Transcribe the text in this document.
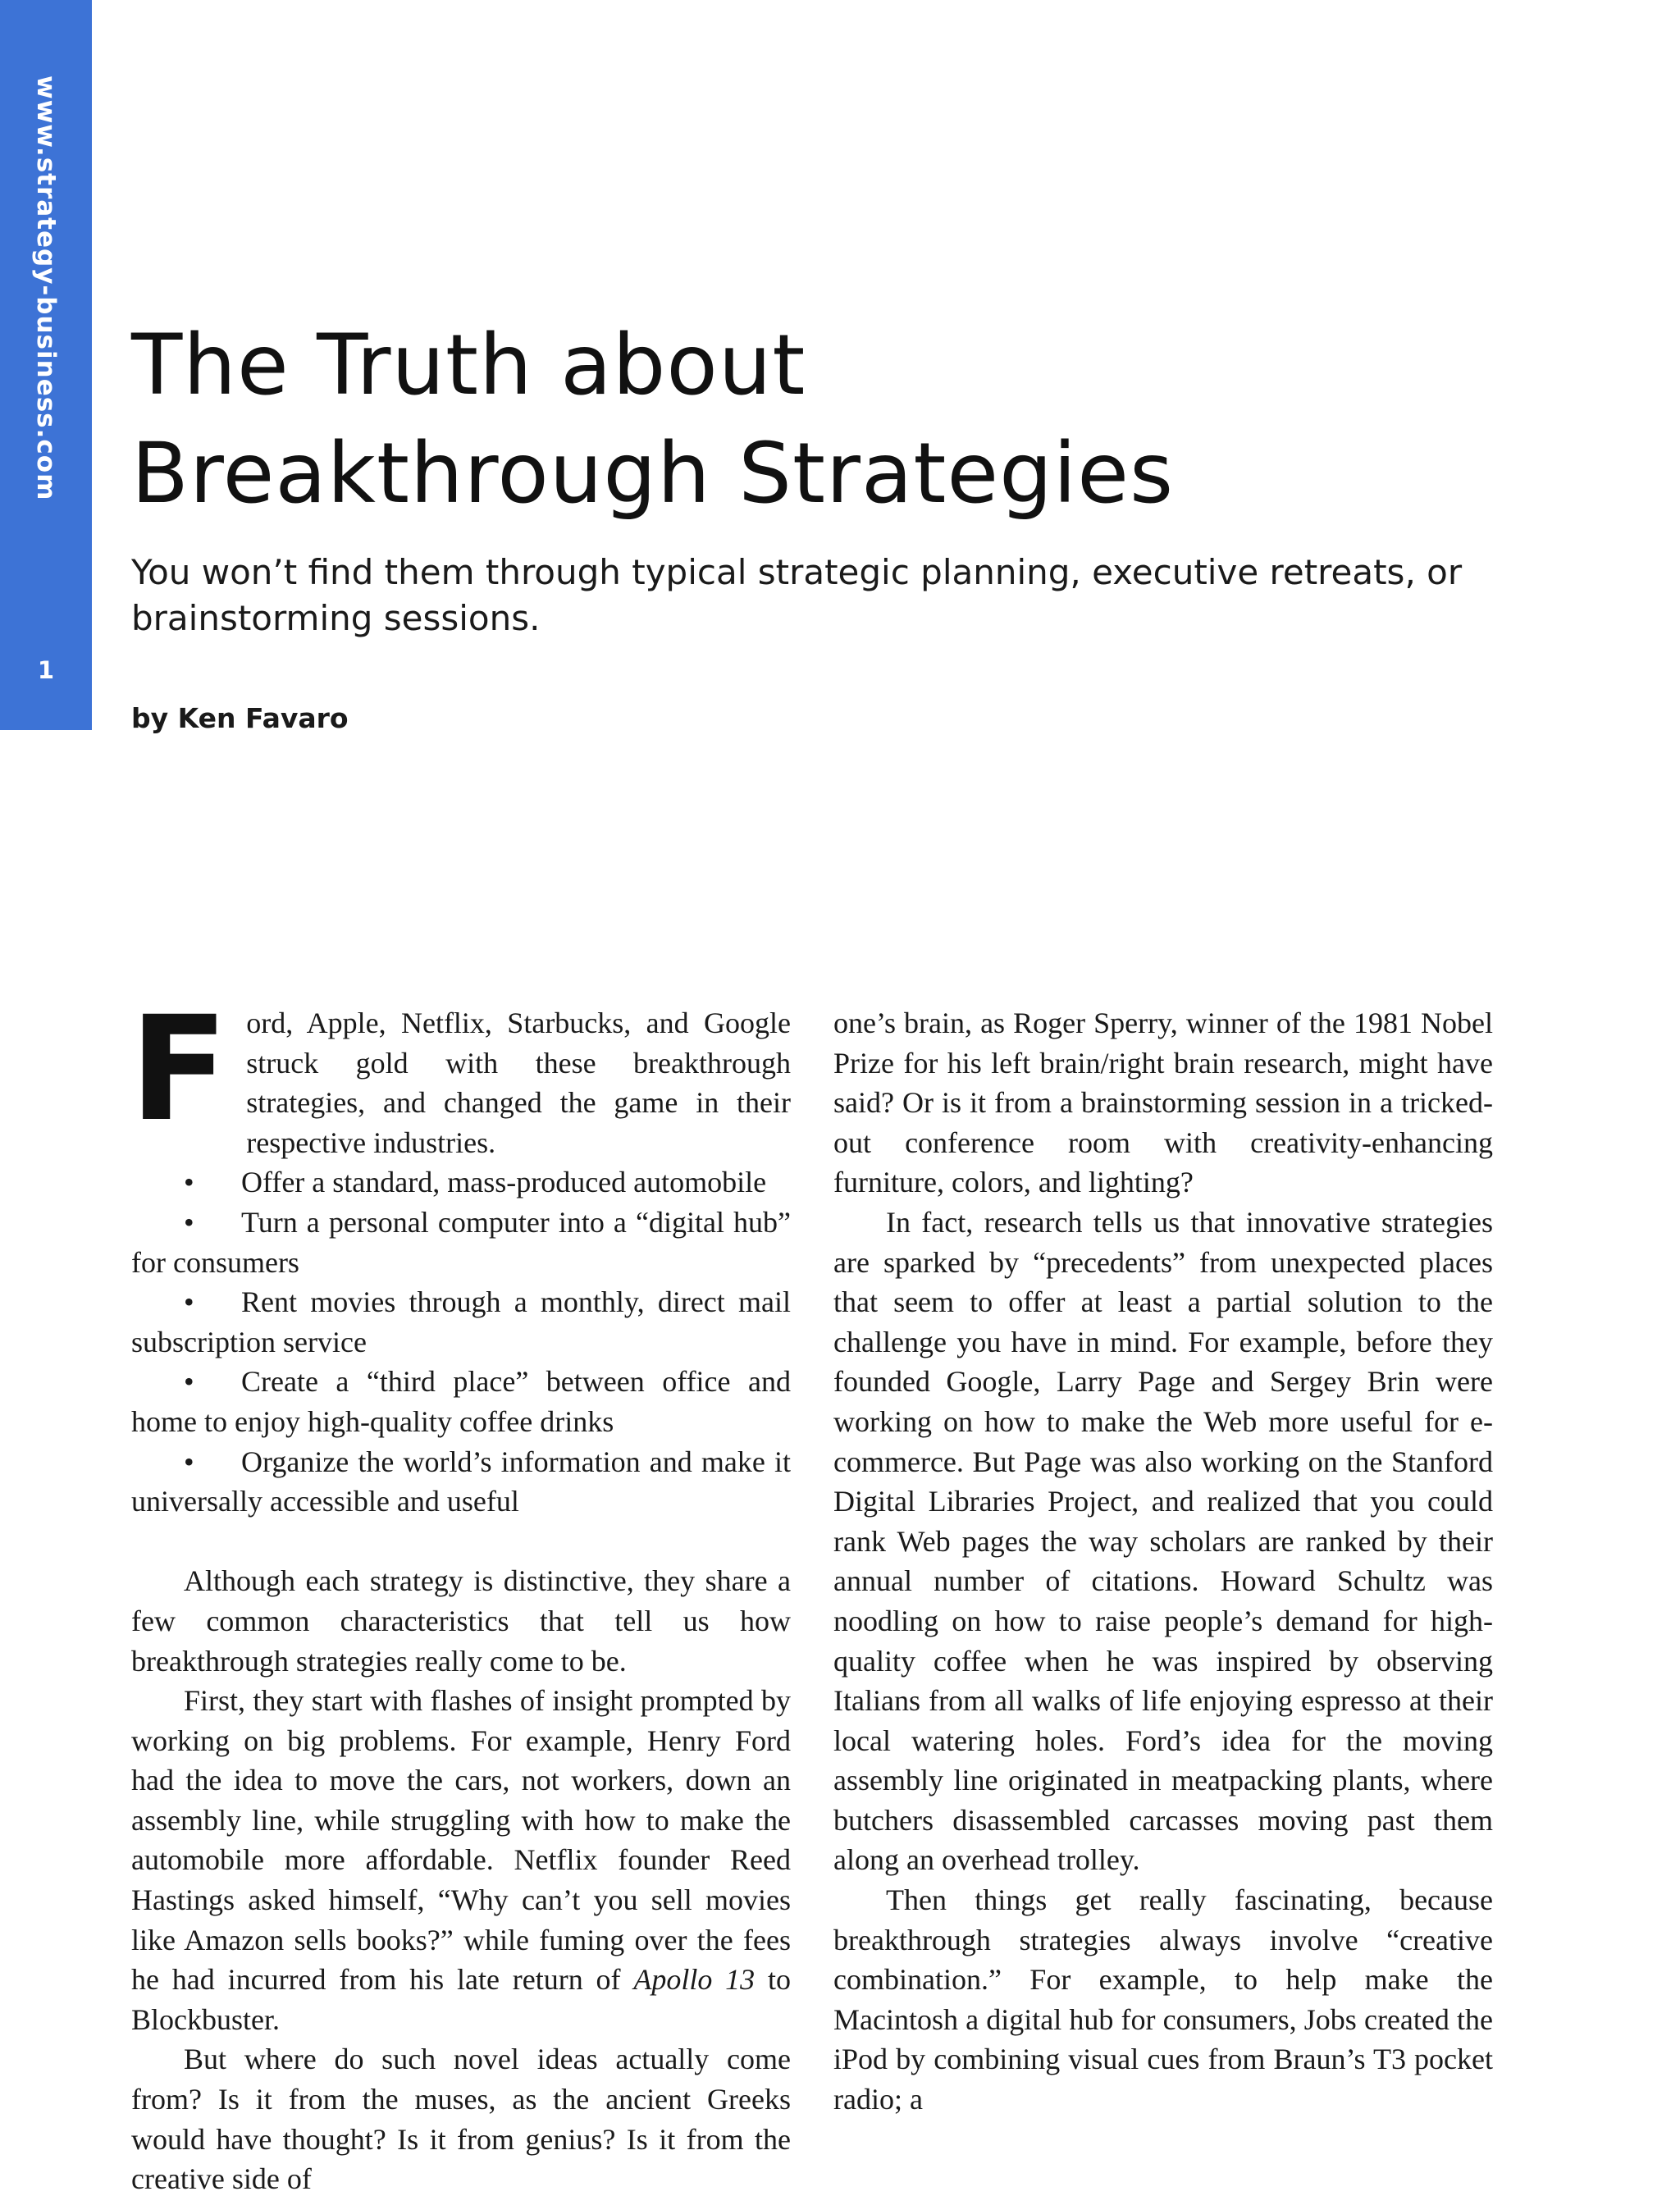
www.strategy-business.com
1
The Truth about
Breakthrough Strategies

You won’t find them through typical strategic planning, executive retreats, or brainstorming sessions.

by Ken Favaro

Ford, Apple, Netflix, Starbucks, and Google struck gold with these breakthrough strategies, and changed the game in their respective industries.

• Offer a standard, mass-produced automobile

• Turn a personal computer into a “digital hub” for consumers

• Rent movies through a monthly, direct mail subscription service

• Create a “third place” between office and home to enjoy high-quality coffee drinks

• Organize the world’s information and make it universally accessible and useful

Although each strategy is distinctive, they share a few common characteristics that tell us how breakthrough strategies really come to be.

First, they start with flashes of insight prompted by working on big problems. For example, Henry Ford had the idea to move the cars, not workers, down an assembly line, while struggling with how to make the automobile more affordable. Netflix founder Reed Hastings asked himself, “Why can’t you sell movies like Amazon sells books?” while fuming over the fees he had incurred from his late return of Apollo 13 to Blockbuster.

But where do such novel ideas actually come from? Is it from the muses, as the ancient Greeks would have thought? Is it from genius? Is it from the creative side of

one’s brain, as Roger Sperry, winner of the 1981 Nobel Prize for his left brain/right brain research, might have said? Or is it from a brainstorming session in a tricked-out conference room with creativity-enhancing furniture, colors, and lighting?

In fact, research tells us that innovative strategies are sparked by “precedents” from unexpected places that seem to offer at least a partial solution to the challenge you have in mind. For example, before they founded Google, Larry Page and Sergey Brin were working on how to make the Web more useful for e-commerce. But Page was also working on the Stanford Digital Libraries Project, and realized that you could rank Web pages the way scholars are ranked by their annual number of citations. Howard Schultz was noodling on how to raise people’s demand for high-quality coffee when he was inspired by observing Italians from all walks of life enjoying espresso at their local watering holes. Ford’s idea for the moving assembly line originated in meatpacking plants, where butchers disassembled carcasses moving past them along an overhead trolley.

Then things get really fascinating, because breakthrough strategies always involve “creative combination.” For example, to help make the Macintosh a digital hub for consumers, Jobs created the iPod by combining visual cues from Braun’s T3 pocket radio; a
